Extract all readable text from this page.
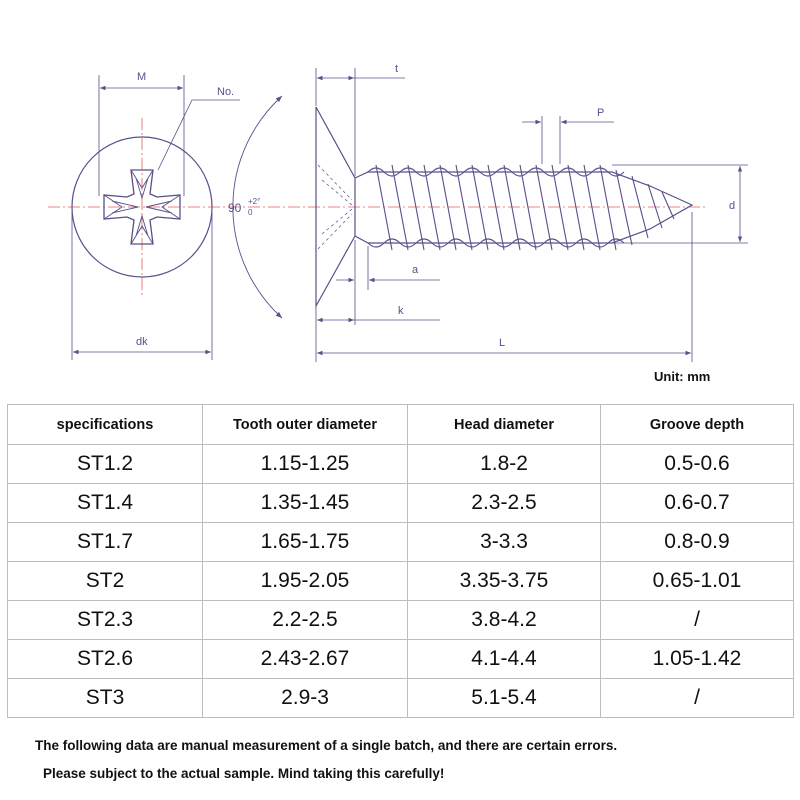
M
No.
90 +2°
0
dk
t
P
d
a
k
L
Unit: mm
specifications	Tooth outer diameter	Head diameter	Groove depth
ST1.2	1.15-1.25	1.8-2	0.5-0.6
ST1.4	1.35-1.45	2.3-2.5	0.6-0.7
ST1.7	1.65-1.75	3-3.3	0.8-0.9
ST2	1.95-2.05	3.35-3.75	0.65-1.01
ST2.3	2.2-2.5	3.8-4.2	/
ST2.6	2.43-2.67	4.1-4.4	1.05-1.42
ST3	2.9-3	5.1-5.4	/
The following data are manual measurement of a single batch, and there are certain errors.
Please subject to the actual sample. Mind taking this carefully!
